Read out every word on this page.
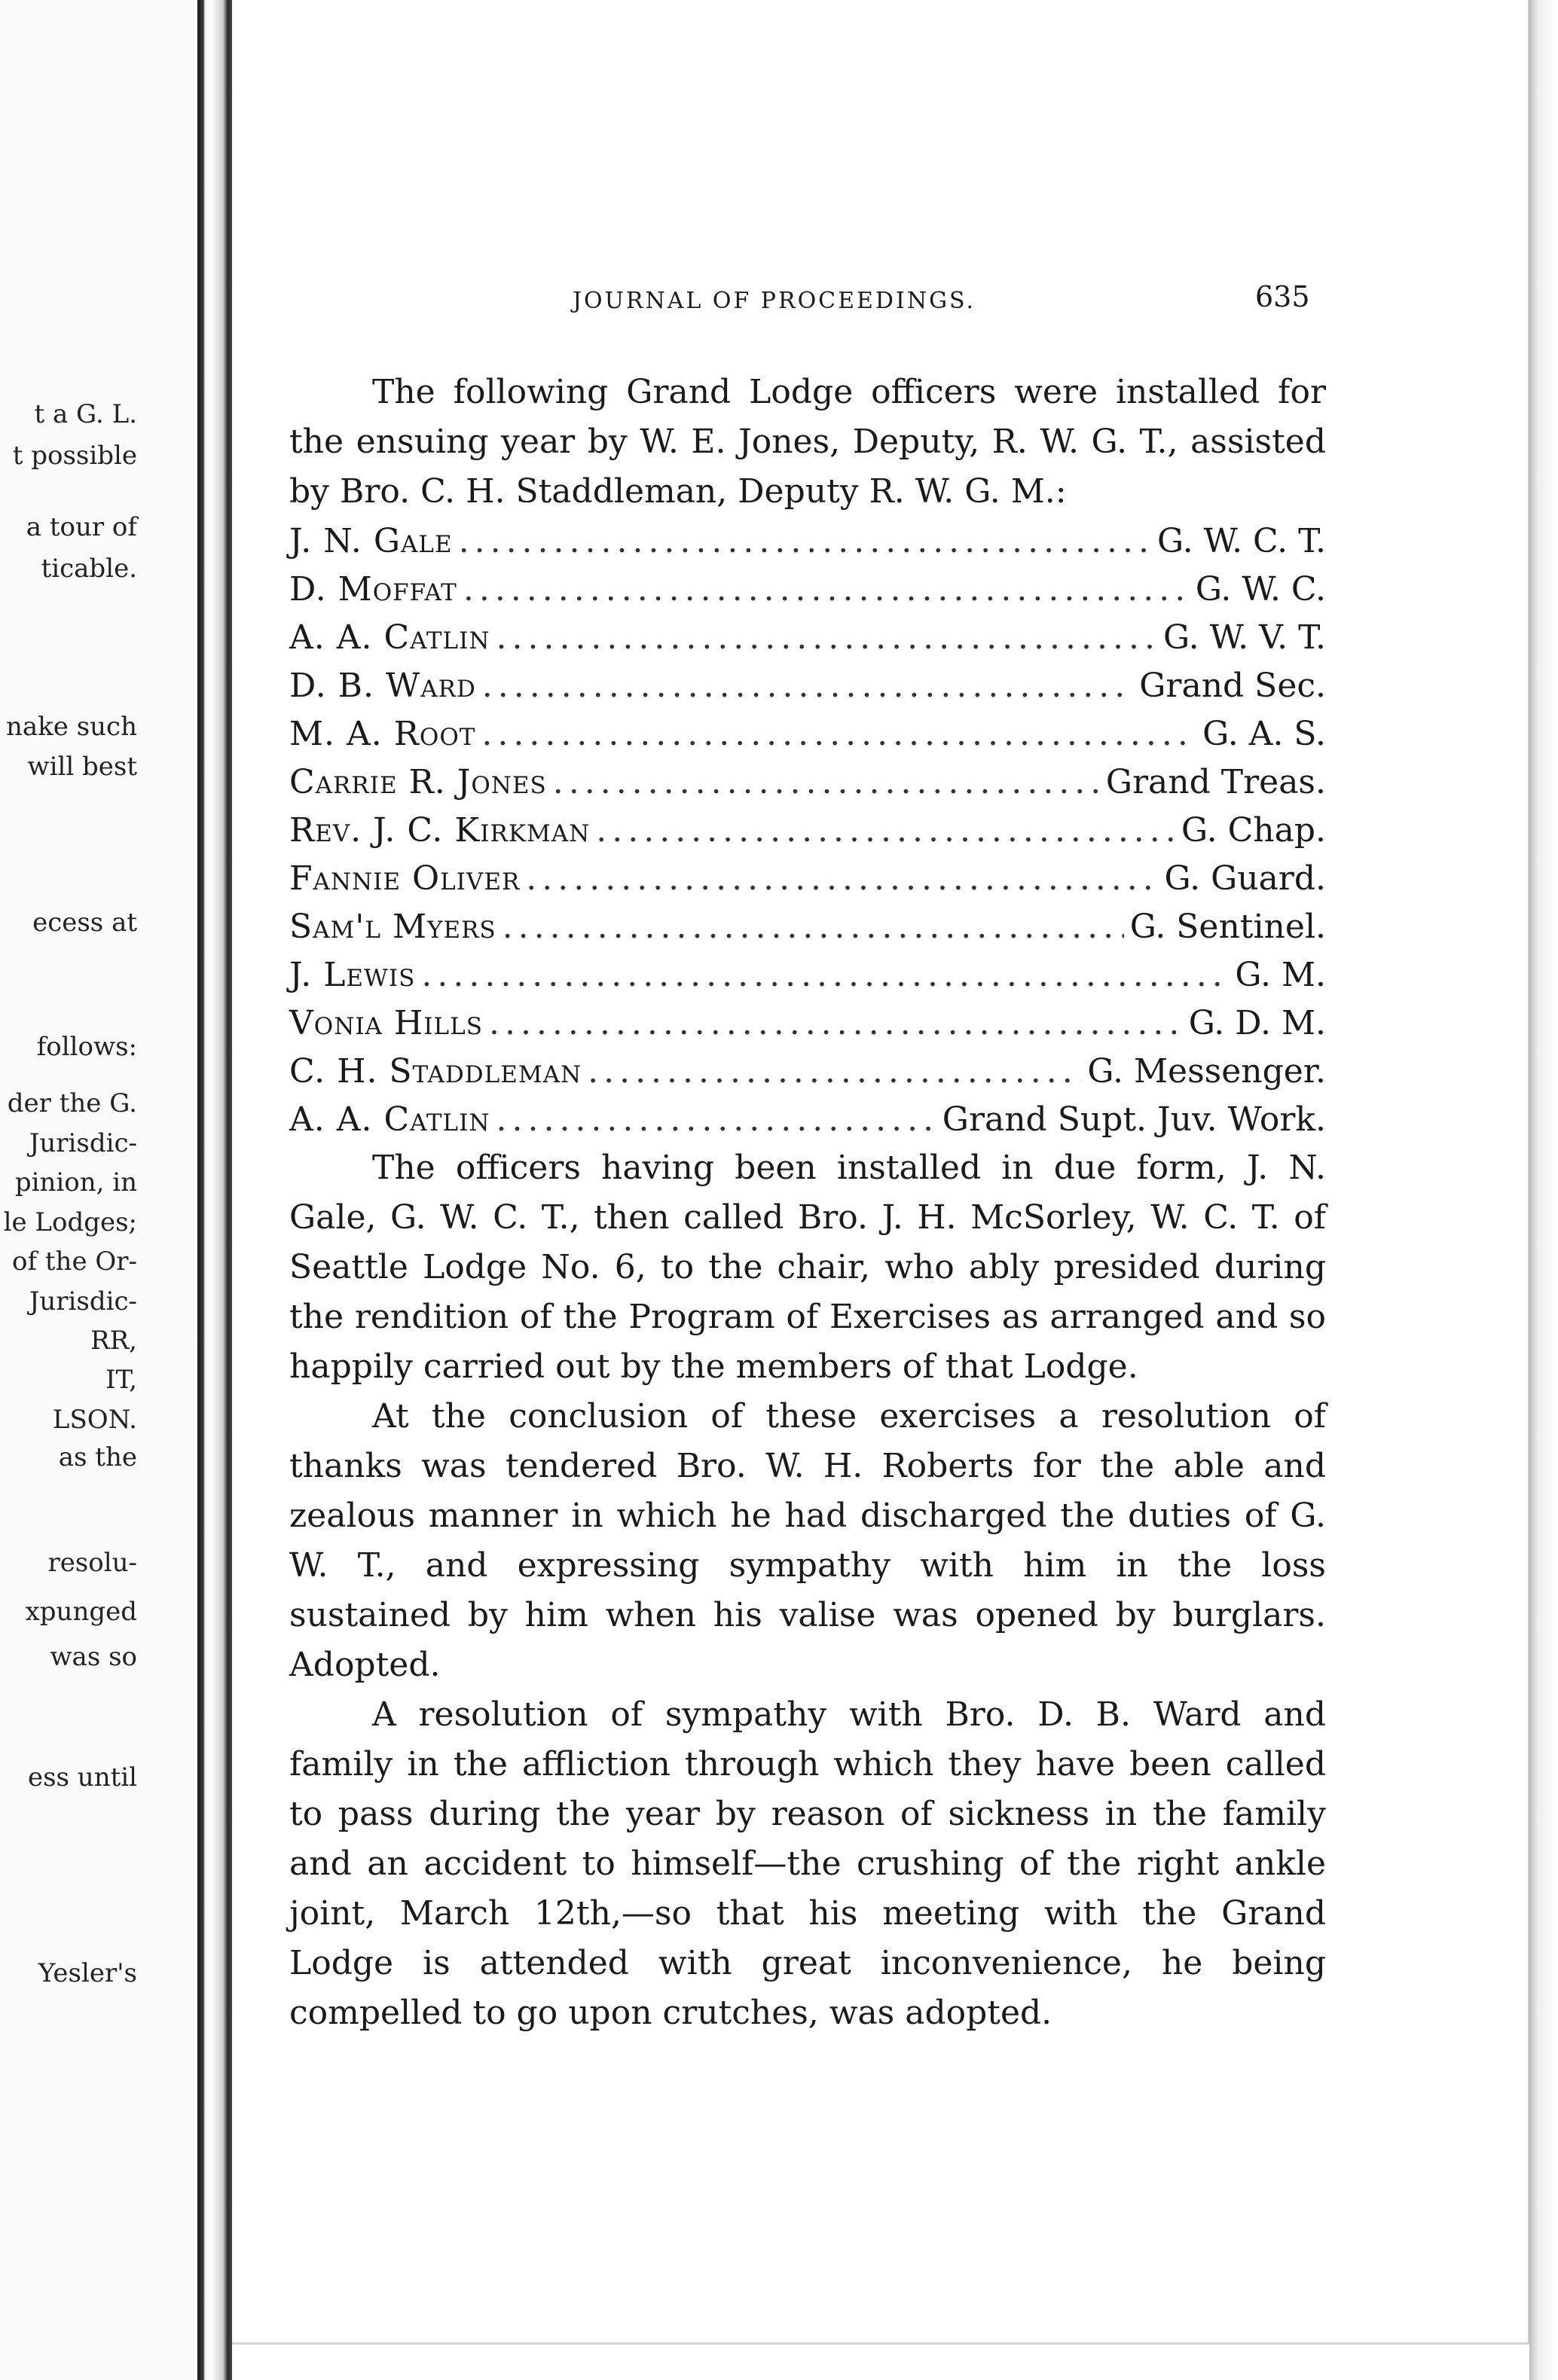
t a G. L.
t possible
a tour of
ticable.
nake such
will best
ecess at
follows:
der the G.
Jurisdic-
pinion, in
le Lodges;
of the Or-
Jurisdic-
RR,
IT,
LSON.
as the
resolu-
xpunged
was so
ess until
Yesler's
JOURNAL OF PROCEEDINGS.	635

The following Grand Lodge officers were installed for the ensuing year by W. E. Jones, Deputy, R. W. G. T., assisted by Bro. C. H. Staddleman, Deputy R. W. G. M.:

J. N. Gale .....	G. W. C. T.
D. Moffat .....	G. W. C.
A. A. Catlin .....	G. W. V. T.
D. B. Ward .....	Grand Sec.
M. A. Root .....	G. A. S.
Carrie R. Jones .....	Grand Treas.
Rev. J. C. Kirkman .....	G. Chap.
Fannie Oliver .....	G. Guard.
Sam'l Myers .....	G. Sentinel.
J. Lewis .....	G. M.
Vonia Hills .....	G. D. M.
C. H. Staddleman .....	G. Messenger.
A. A. Catlin .....	Grand Supt. Juv. Work.

The officers having been installed in due form, J. N. Gale, G. W. C. T., then called Bro. J. H. McSorley, W. C. T. of Seattle Lodge No. 6, to the chair, who ably presided during the rendition of the Program of Exercises as arranged and so happily carried out by the members of that Lodge.

At the conclusion of these exercises a resolution of thanks was tendered Bro. W. H. Roberts for the able and zealous manner in which he had discharged the duties of G. W. T., and expressing sympathy with him in the loss sustained by him when his valise was opened by burglars. Adopted.

A resolution of sympathy with Bro. D. B. Ward and family in the affliction through which they have been called to pass during the year by reason of sickness in the family and an accident to himself—the crushing of the right ankle joint, March 12th,—so that his meeting with the Grand Lodge is attended with great inconvenience, he being compelled to go upon crutches, was adopted.
